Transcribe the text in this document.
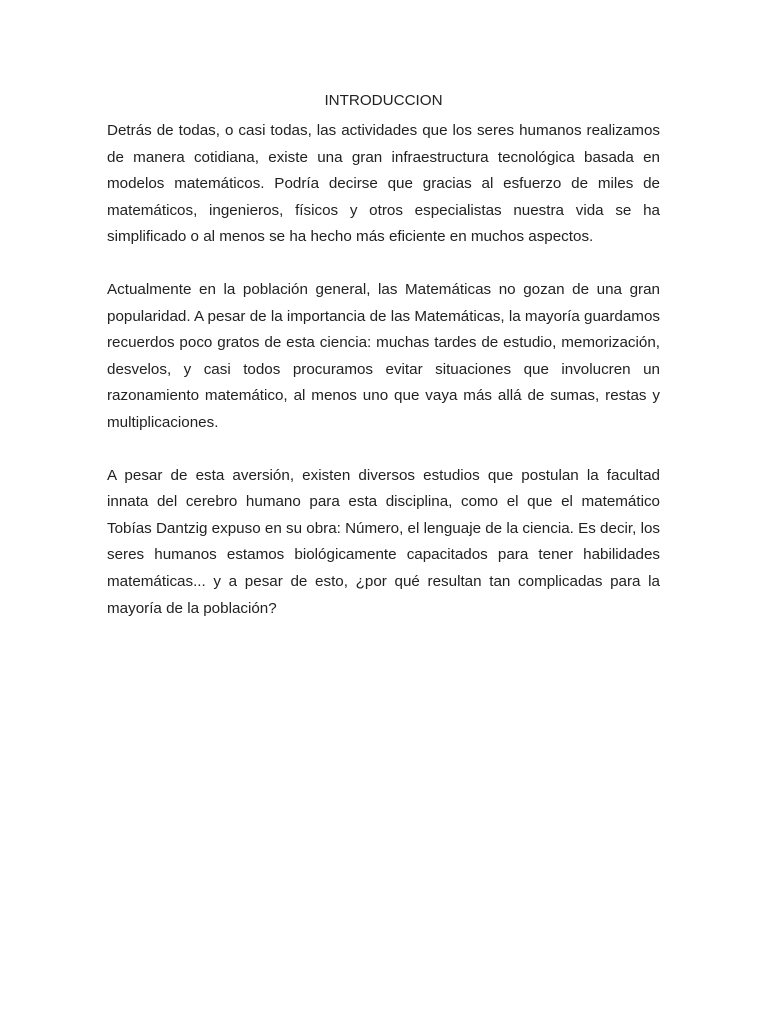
INTRODUCCION

Detrás de todas, o casi todas, las actividades que los seres humanos realizamos de manera cotidiana, existe una gran infraestructura tecnológica basada en modelos matemáticos. Podría decirse que gracias al esfuerzo de miles de matemáticos, ingenieros, físicos y otros especialistas nuestra vida se ha simplificado o al menos se ha hecho más eficiente en muchos aspectos.

Actualmente en la población general, las Matemáticas no gozan de una gran popularidad. A pesar de la importancia de las Matemáticas, la mayoría guardamos recuerdos poco gratos de esta ciencia: muchas tardes de estudio, memorización, desvelos, y casi todos procuramos evitar situaciones que involucren un razonamiento matemático, al menos uno que vaya más allá de sumas, restas y multiplicaciones.

A pesar de esta aversión, existen diversos estudios que postulan la facultad innata del cerebro humano para esta disciplina, como el que el matemático Tobías Dantzig expuso en su obra: Número, el lenguaje de la ciencia. Es decir, los seres humanos estamos biológicamente capacitados para tener habilidades matemáticas... y a pesar de esto, ¿por qué resultan tan complicadas para la mayoría de la población?
